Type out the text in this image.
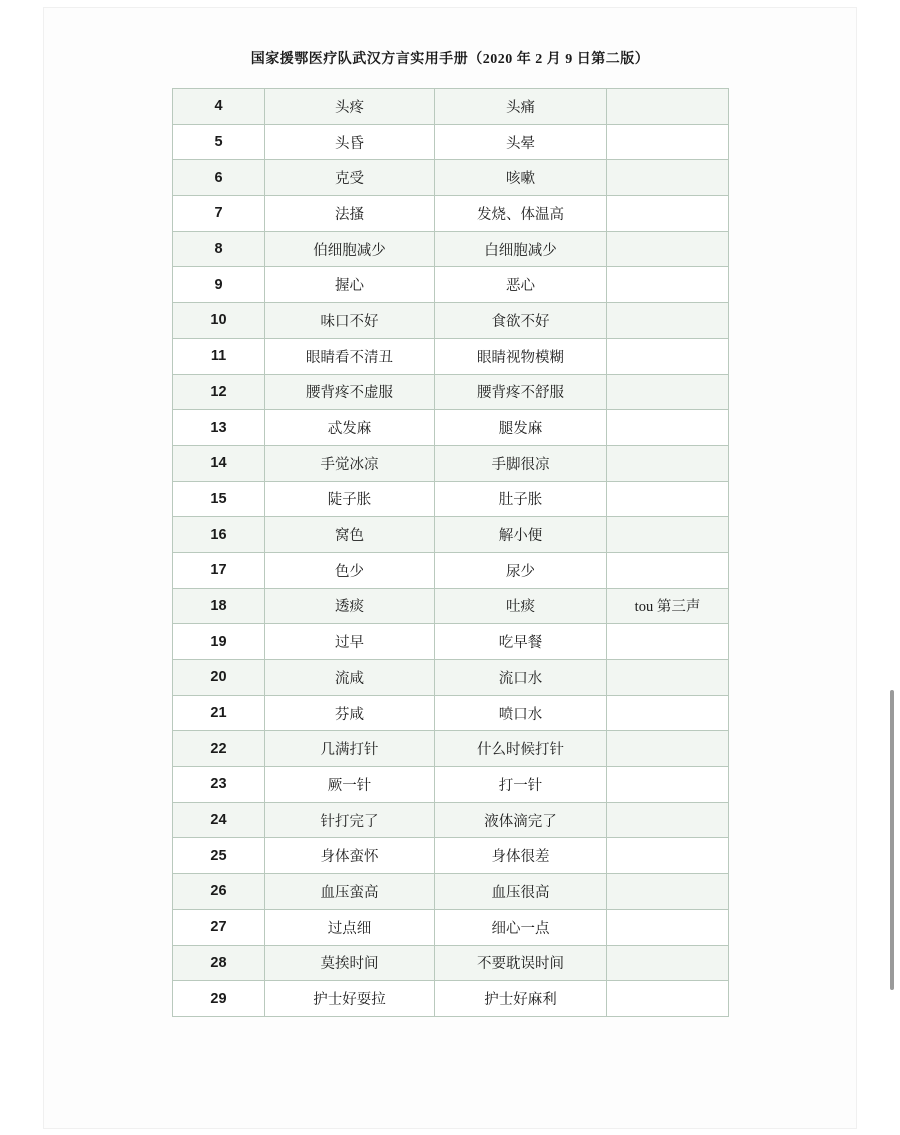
国家援鄂医疗队武汉方言实用手册（2020 年 2 月 9 日第二版）
4	头疼	头痛	
5	头昏	头晕	
6	克受	咳嗽	
7	法搔	发烧、体温高	
8	伯细胞减少	白细胞减少	
9	握心	恶心	
10	味口不好	食欲不好	
11	眼睛看不清丑	眼睛视物模糊	
12	腰背疼不虚服	腰背疼不舒服	
13	忒发麻	腿发麻	
14	手觉冰凉	手脚很凉	
15	陡子胀	肚子胀	
16	窝色	解小便	
17	色少	尿少	
18	透痰	吐痰	tou 第三声
19	过早	吃早餐	
20	流咸	流口水	
21	芬咸	喷口水	
22	几满打针	什么时候打针	
23	厥一针	打一针	
24	针打完了	液体滴完了	
25	身体蛮怀	身体很差	
26	血压蛮高	血压很高	
27	过点细	细心一点	
28	莫挨时间	不要耽误时间	
29	护士好耍拉	护士好麻利	
